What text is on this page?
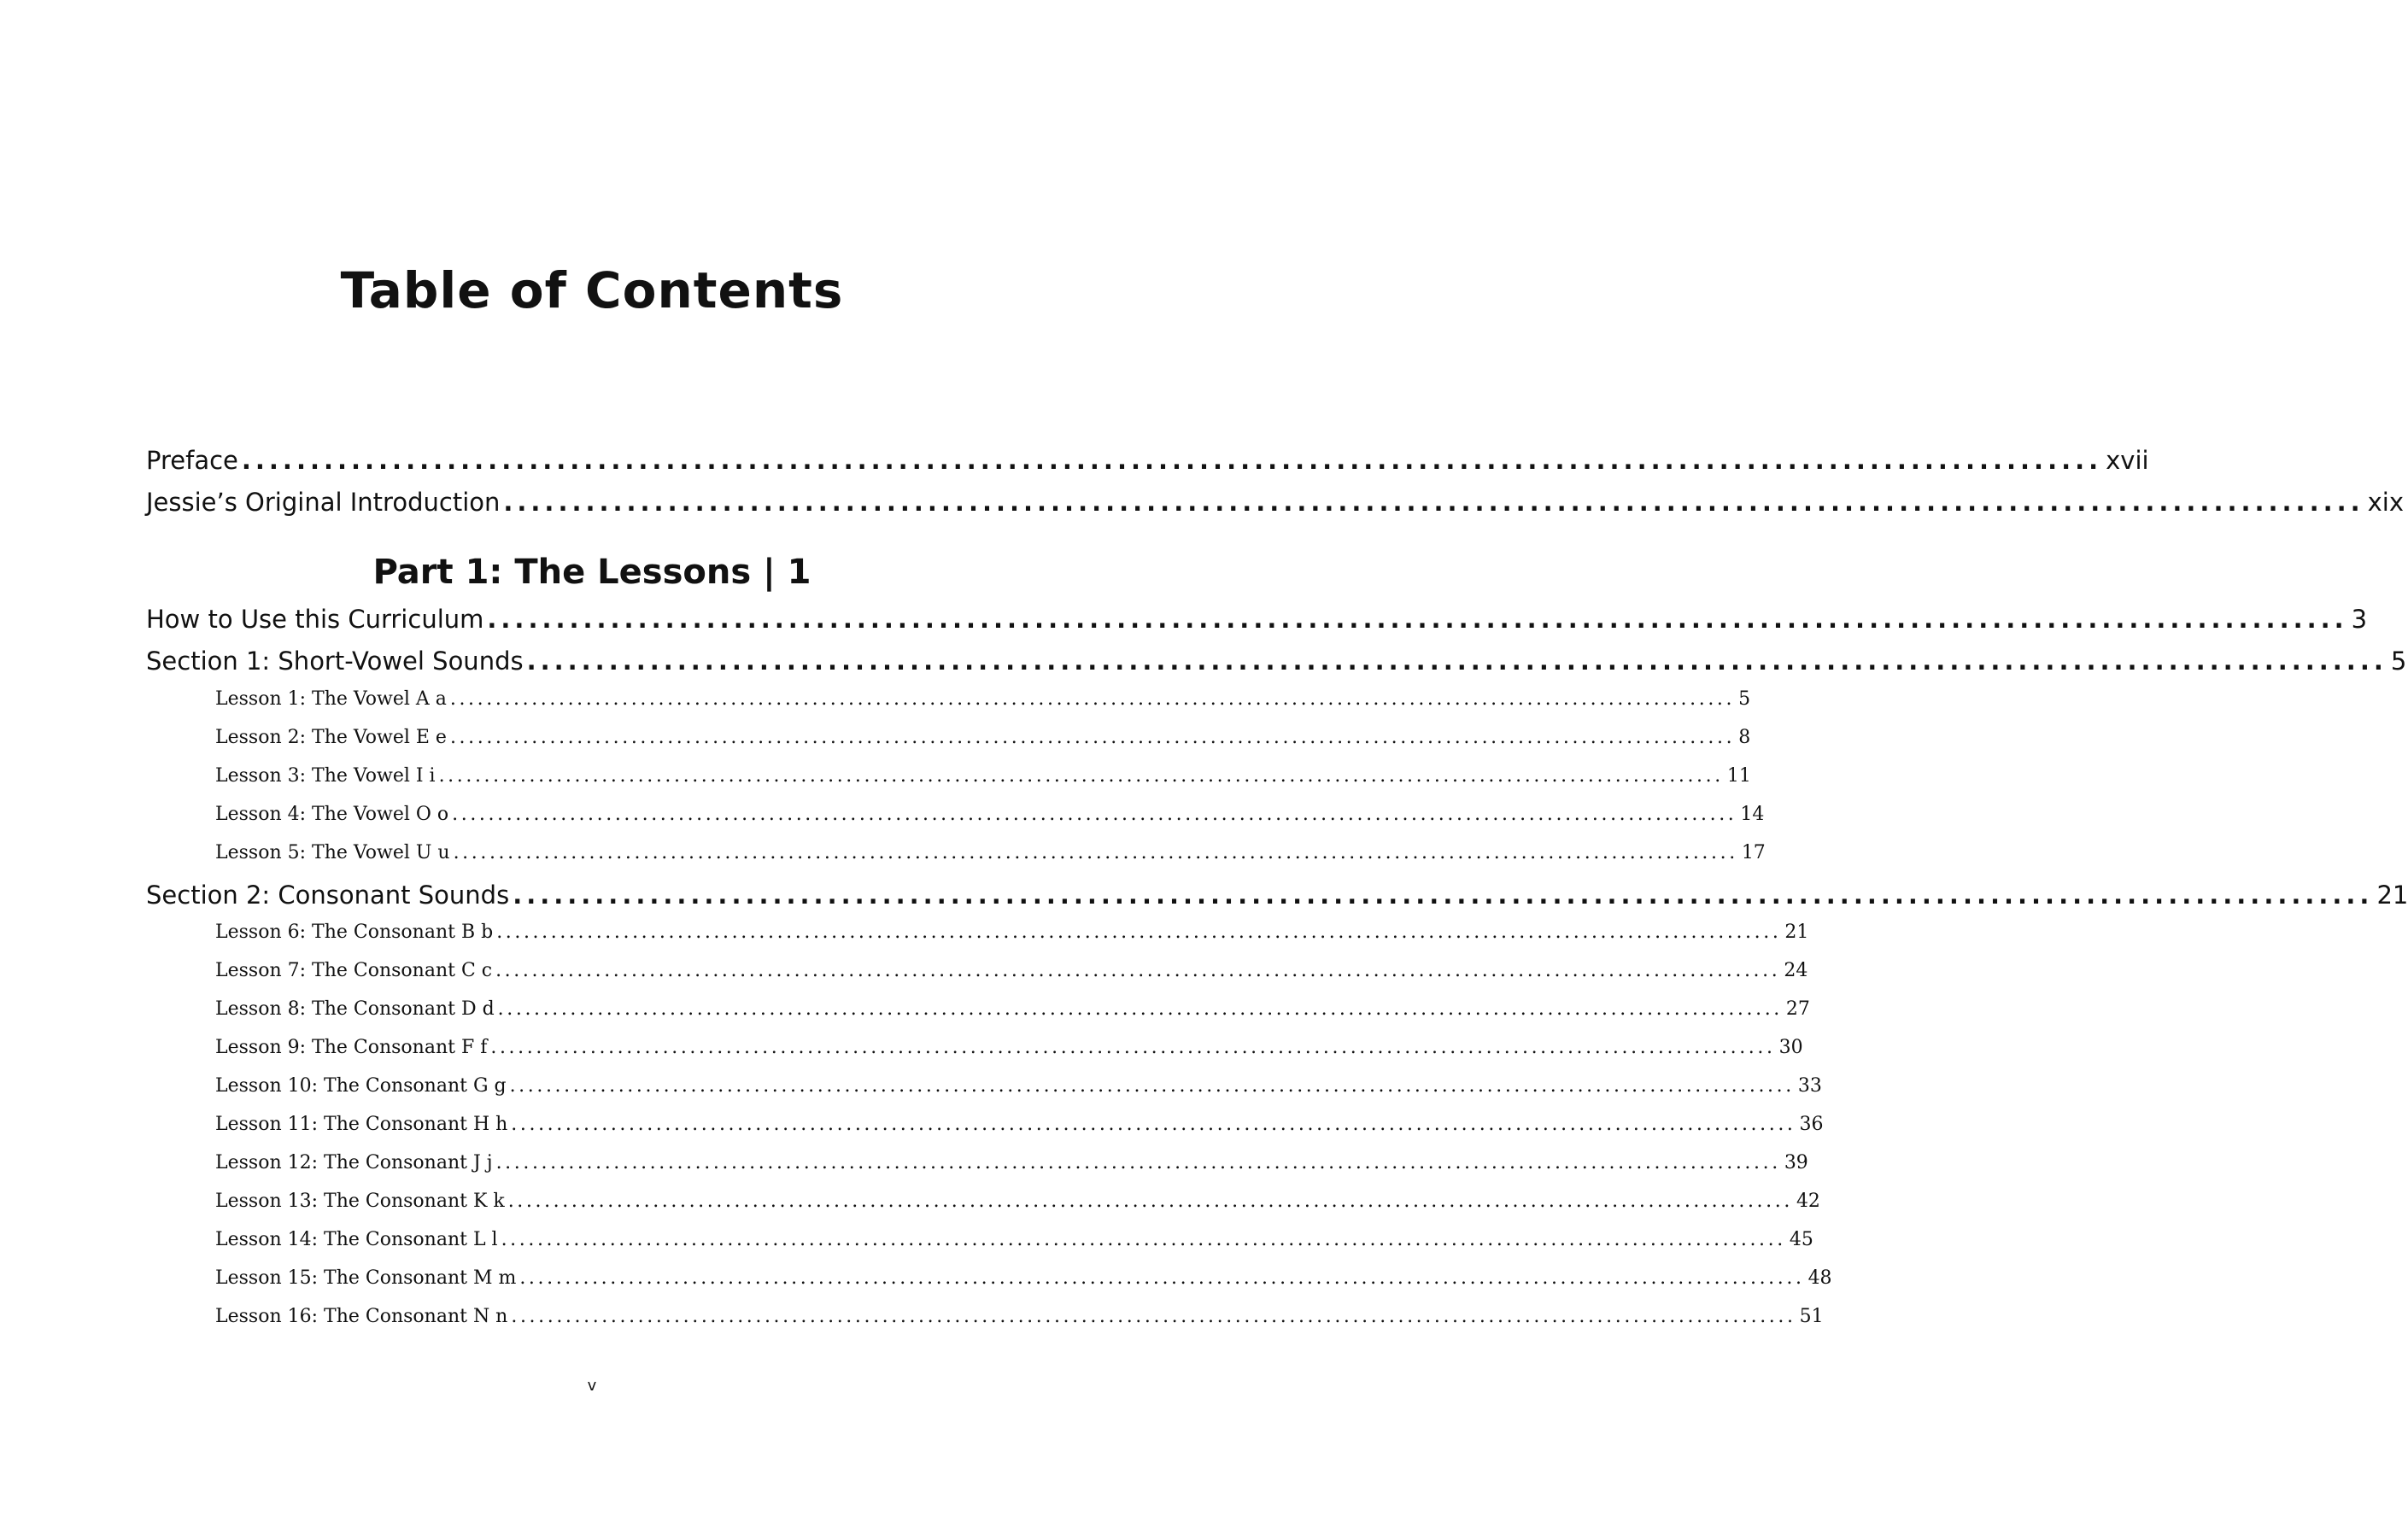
Table of Contents
Preface ........................................................................................................................................ xvii
Jessie’s Original Introduction ........................................................................................................................................ xix
Part 1: The Lessons | 1
How to Use this Curriculum ........................................................................................................................................ 3
Section 1: Short-Vowel Sounds ........................................................................................................................................ 5
Lesson 1: The Vowel A a .............................................................................................................................................. 5
Lesson 2: The Vowel E e .............................................................................................................................................. 8
Lesson 3: The Vowel I i .............................................................................................................................................. 11
Lesson 4: The Vowel O o .............................................................................................................................................. 14
Lesson 5: The Vowel U u .............................................................................................................................................. 17
Section 2: Consonant Sounds ........................................................................................................................................ 21
Lesson 6: The Consonant B b .............................................................................................................................................. 21
Lesson 7: The Consonant C c .............................................................................................................................................. 24
Lesson 8: The Consonant D d .............................................................................................................................................. 27
Lesson 9: The Consonant F f .............................................................................................................................................. 30
Lesson 10: The Consonant G g .............................................................................................................................................. 33
Lesson 11: The Consonant H h .............................................................................................................................................. 36
Lesson 12: The Consonant J j .............................................................................................................................................. 39
Lesson 13: The Consonant K k .............................................................................................................................................. 42
Lesson 14: The Consonant L l .............................................................................................................................................. 45
Lesson 15: The Consonant M m .............................................................................................................................................. 48
Lesson 16: The Consonant N n .............................................................................................................................................. 51
v
